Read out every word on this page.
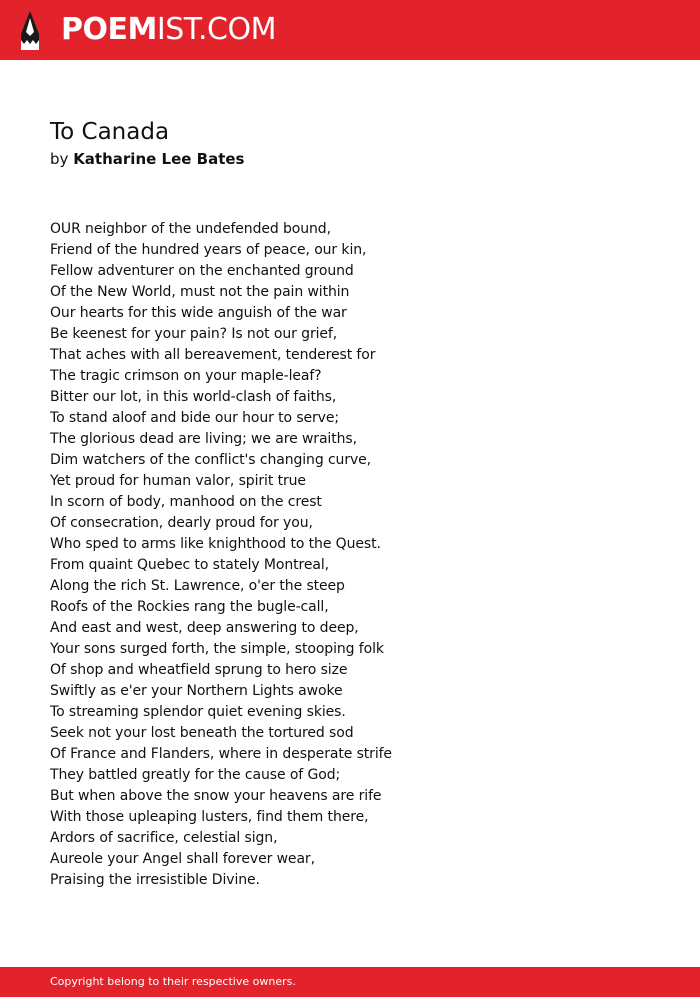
POEMIST.COM
To Canada
by Katharine Lee Bates
OUR neighbor of the undefended bound,
Friend of the hundred years of peace, our kin,
Fellow adventurer on the enchanted ground
Of the New World, must not the pain within
Our hearts for this wide anguish of the war
Be keenest for your pain? Is not our grief,
That aches with all bereavement, tenderest for
The tragic crimson on your maple-leaf?
Bitter our lot, in this world-clash of faiths,
To stand aloof and bide our hour to serve;
The glorious dead are living; we are wraiths,
Dim watchers of the conflict's changing curve,
Yet proud for human valor, spirit true
In scorn of body, manhood on the crest
Of consecration, dearly proud for you,
Who sped to arms like knighthood to the Quest.
From quaint Quebec to stately Montreal,
Along the rich St. Lawrence, o'er the steep
Roofs of the Rockies rang the bugle-call,
And east and west, deep answering to deep,
Your sons surged forth, the simple, stooping folk
Of shop and wheatfield sprung to hero size
Swiftly as e'er your Northern Lights awoke
To streaming splendor quiet evening skies.
Seek not your lost beneath the tortured sod
Of France and Flanders, where in desperate strife
They battled greatly for the cause of God;
But when above the snow your heavens are rife
With those upleaping lusters, find them there,
Ardors of sacrifice, celestial sign,
Aureole your Angel shall forever wear,
Praising the irresistible Divine.
Copyright belong to their respective owners.
